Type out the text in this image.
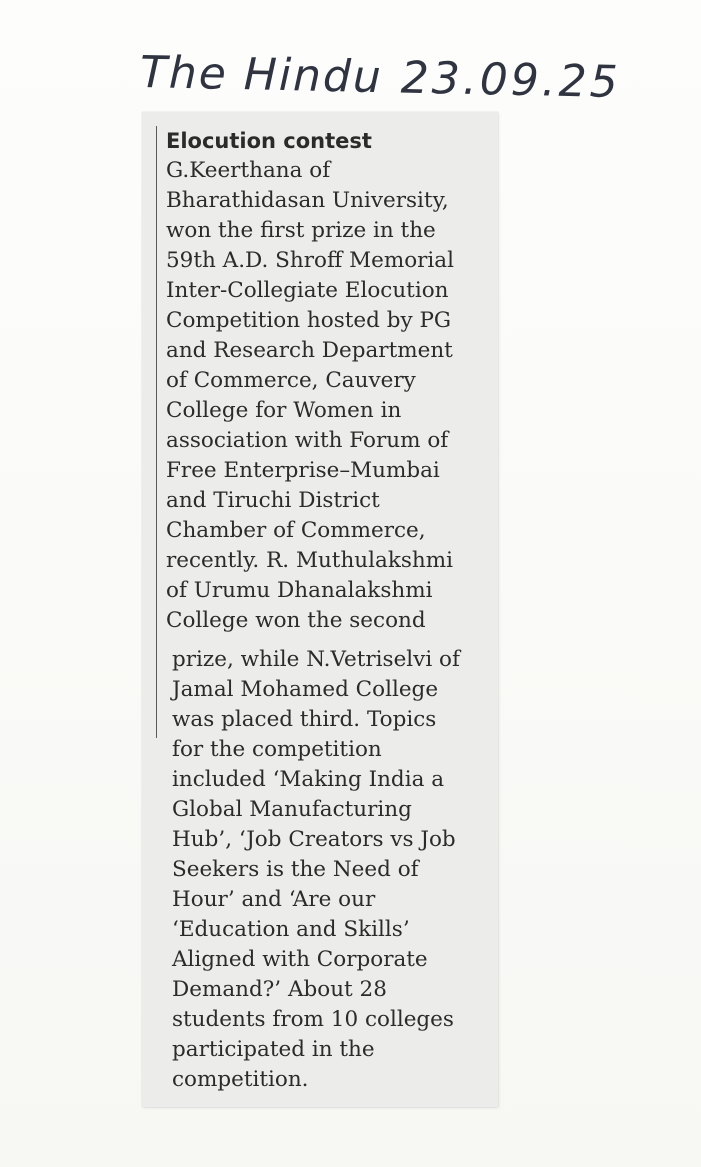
The Hindu 23.09.25
Elocution contest
G.Keerthana of
Bharathidasan University,
won the first prize in the
59th A.D. Shroff Memorial
Inter-Collegiate Elocution
Competition hosted by PG
and Research Department
of Commerce, Cauvery
College for Women in
association with Forum of
Free Enterprise–Mumbai
and Tiruchi District
Chamber of Commerce,
recently. R. Muthulakshmi
of Urumu Dhanalakshmi
College won the second
prize, while N.Vetriselvi of
Jamal Mohamed College
was placed third. Topics
for the competition
included ‘Making India a
Global Manufacturing
Hub’, ‘Job Creators vs Job
Seekers is the Need of
Hour’ and ‘Are our
‘Education and Skills’
Aligned with Corporate
Demand?’ About 28
students from 10 colleges
participated in the
competition.
